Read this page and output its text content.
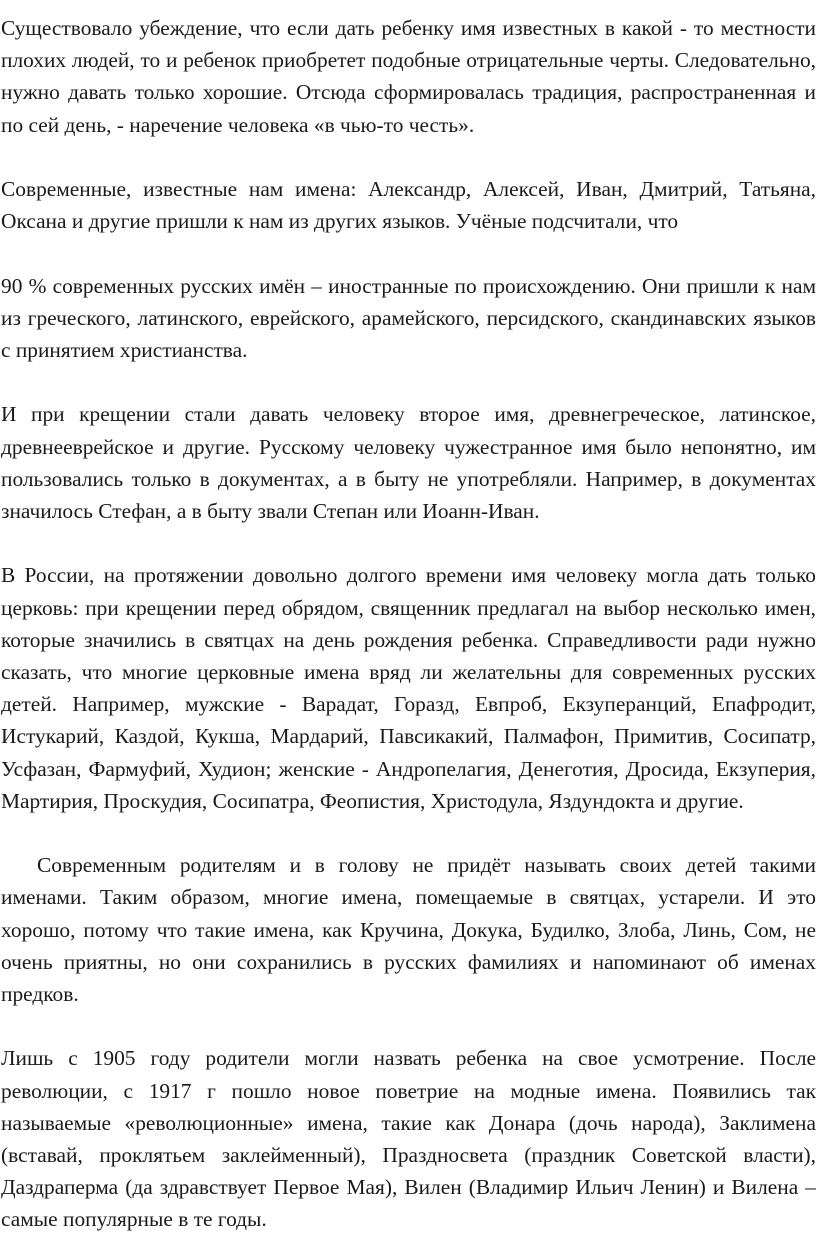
Существовало убеждение, что если дать ребенку имя известных в какой - то местности плохих людей, то и ребенок приобретет подобные отрицательные черты. Следовательно, нужно давать только хорошие. Отсюда сформировалась традиция, распространенная и по сей день, - наречение человека «в чью-то честь».

Современные, известные нам имена: Александр, Алексей, Иван, Дмитрий, Татьяна, Оксана и другие пришли к нам из других языков. Учёные подсчитали, что

90 % современных русских имён – иностранные по происхождению. Они пришли к нам из греческого, латинского, еврейского, арамейского, персидского, скандинавских языков с принятием христианства.

И при крещении стали давать человеку второе имя, древнегреческое, латинское, древнееврейское и другие. Русскому человеку чужестранное имя было непонятно, им пользовались только в документах, а в быту не употребляли. Например, в документах значилось Стефан, а в быту звали Степан или Иоанн-Иван.

В России, на протяжении довольно долгого времени имя человеку могла дать только церковь: при крещении перед обрядом, священник предлагал на выбор несколько имен, которые значились в святцах на день рождения ребенка. Справедливости ради нужно сказать, что многие церковные имена вряд ли желательны для современных русских детей. Например, мужские - Варадат, Горазд, Евпроб, Екзуперанций, Епафродит, Истукарий, Каздой, Кукша, Мардарий, Павсикакий, Палмафон, Примитив, Сосипатр, Усфазан, Фармуфий, Худион; женские - Андропелагия, Денеготия, Дросида, Екзуперия, Мартирия, Проскудия, Сосипатра, Феопистия, Христодула, Яздундокта и другие.

Современным родителям и в голову не придёт называть своих детей такими именами. Таким образом, многие имена, помещаемые в святцах, устарели. И это хорошо, потому что такие имена, как Кручина, Докука, Будилко, Злоба, Линь, Сом, не очень приятны, но они сохранились в русских фамилиях и напоминают об именах предков.

Лишь с 1905 году родители могли назвать ребенка на свое усмотрение. После революции, с 1917 г пошло новое поветрие на модные имена. Появились так называемые «революционные» имена, такие как Донара (дочь народа), Заклимена (вставай, проклятьем заклейменный), Праздносвета (праздник Советской власти), Даздраперма (да здравствует Первое Мая), Вилен (Владимир Ильич Ленин) и Вилена – самые популярные в те годы.
